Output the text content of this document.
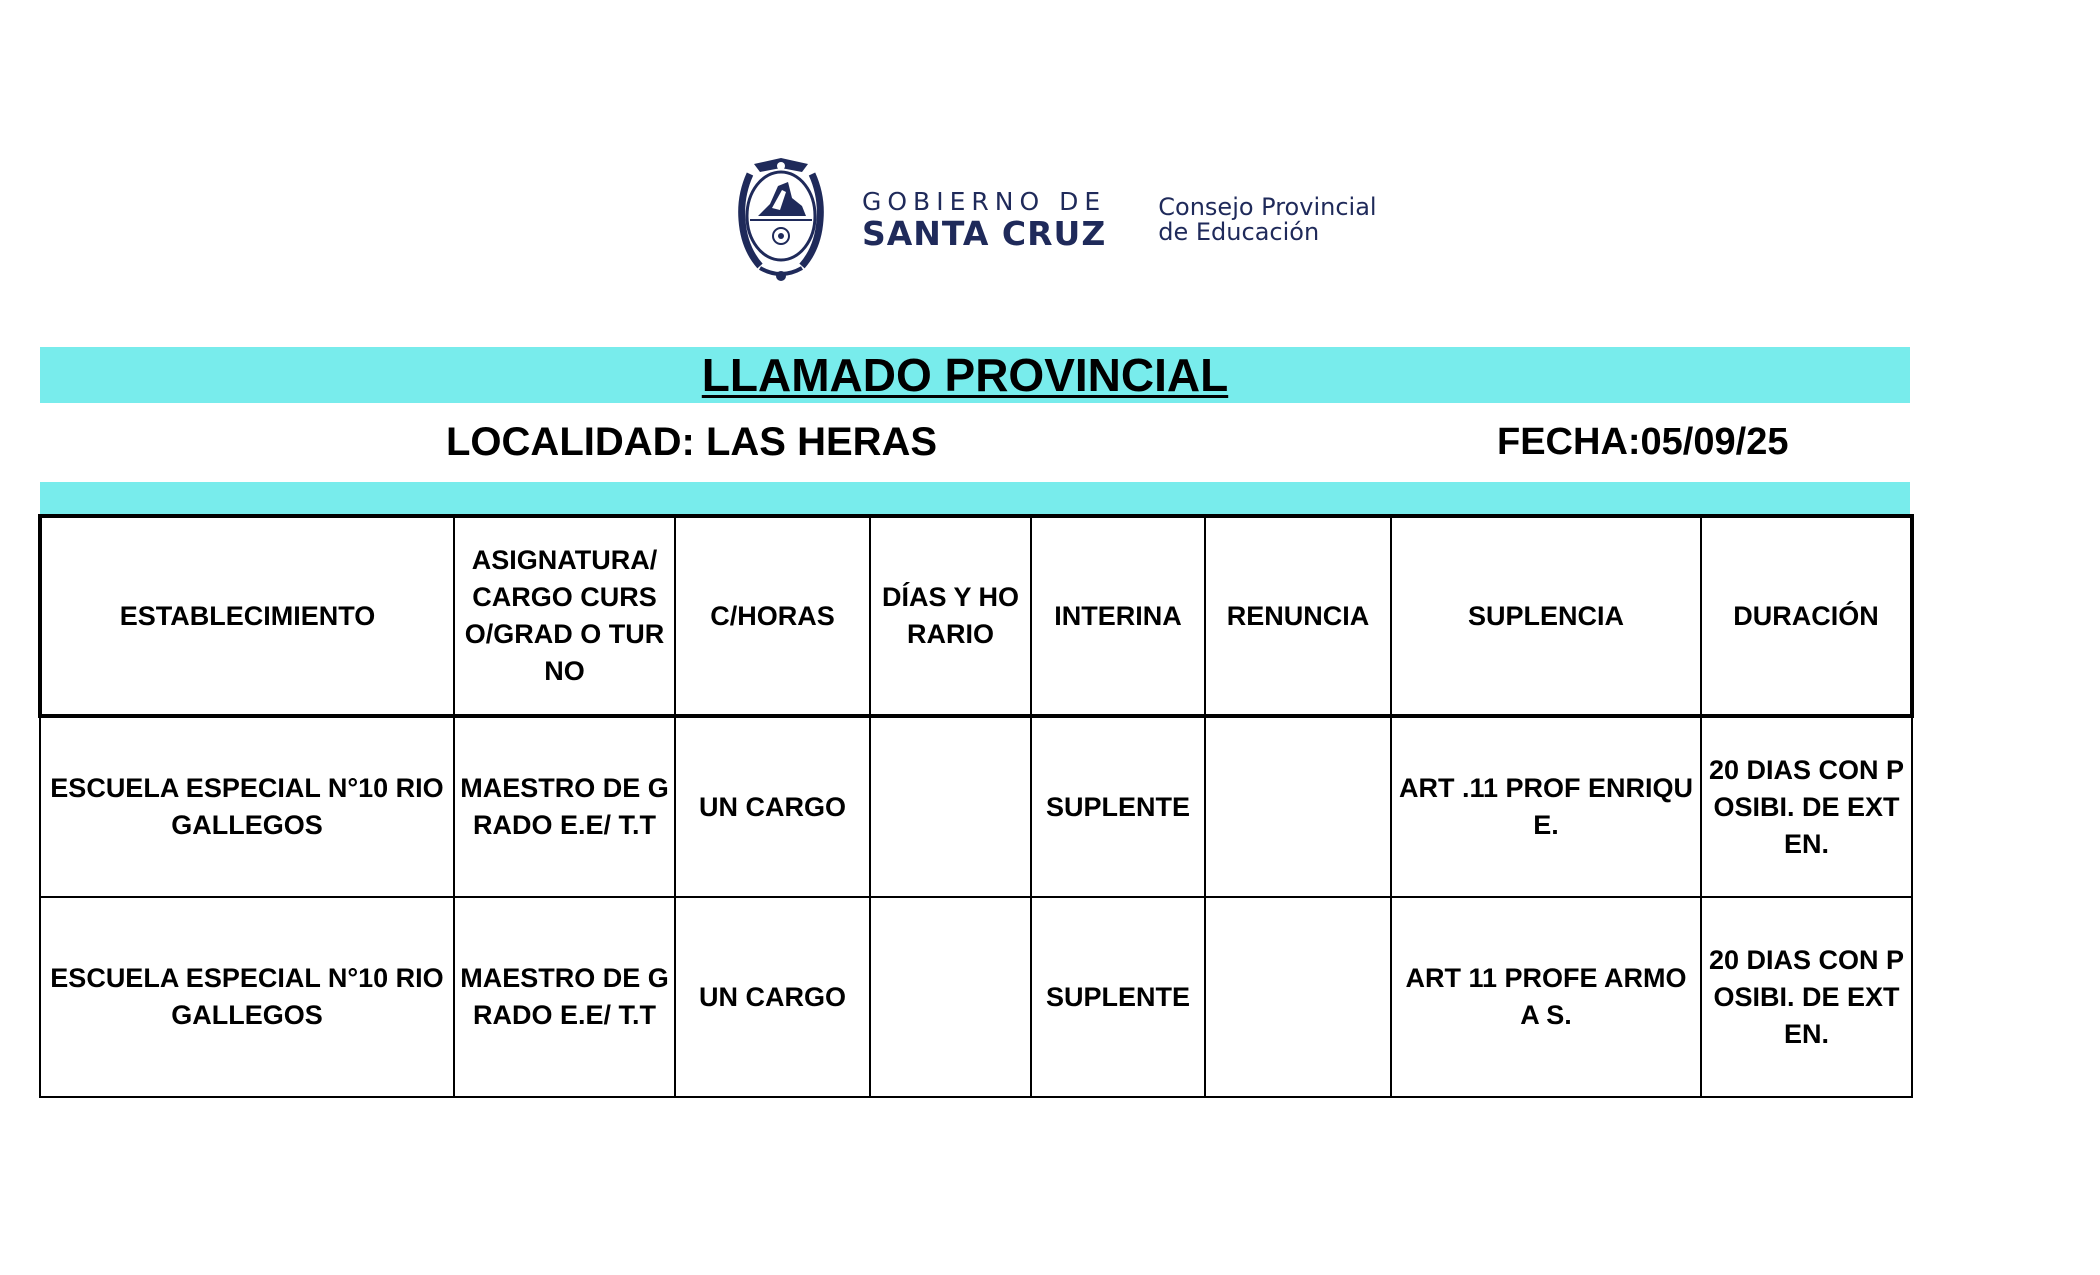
GOBIERNO DE
SANTA CRUZ
Consejo Provincial
de Educación
LLAMADO PROVINCIAL
LOCALIDAD: LAS HERAS	FECHA:05/09/25
ESTABLECIMIENTO	ASIGNATURA/ CARGO CURSO/GRAD O TURNO	C/HORAS	DÍAS Y HORARIO	INTERINA	RENUNCIA	SUPLENCIA	DURACIÓN
ESCUELA ESPECIAL N°10 RIO GALLEGOS	MAESTRO DE GRADO E.E/ T.T	UN CARGO		SUPLENTE		ART .11 PROF ENRIQUE.	20 DIAS CON POSIBI. DE EXTEN.
ESCUELA ESPECIAL N°10 RIO GALLEGOS	MAESTRO DE GRADO E.E/ T.T	UN CARGO		SUPLENTE		ART 11 PROFE ARMOA S.	20 DIAS CON POSIBI. DE EXTEN.
